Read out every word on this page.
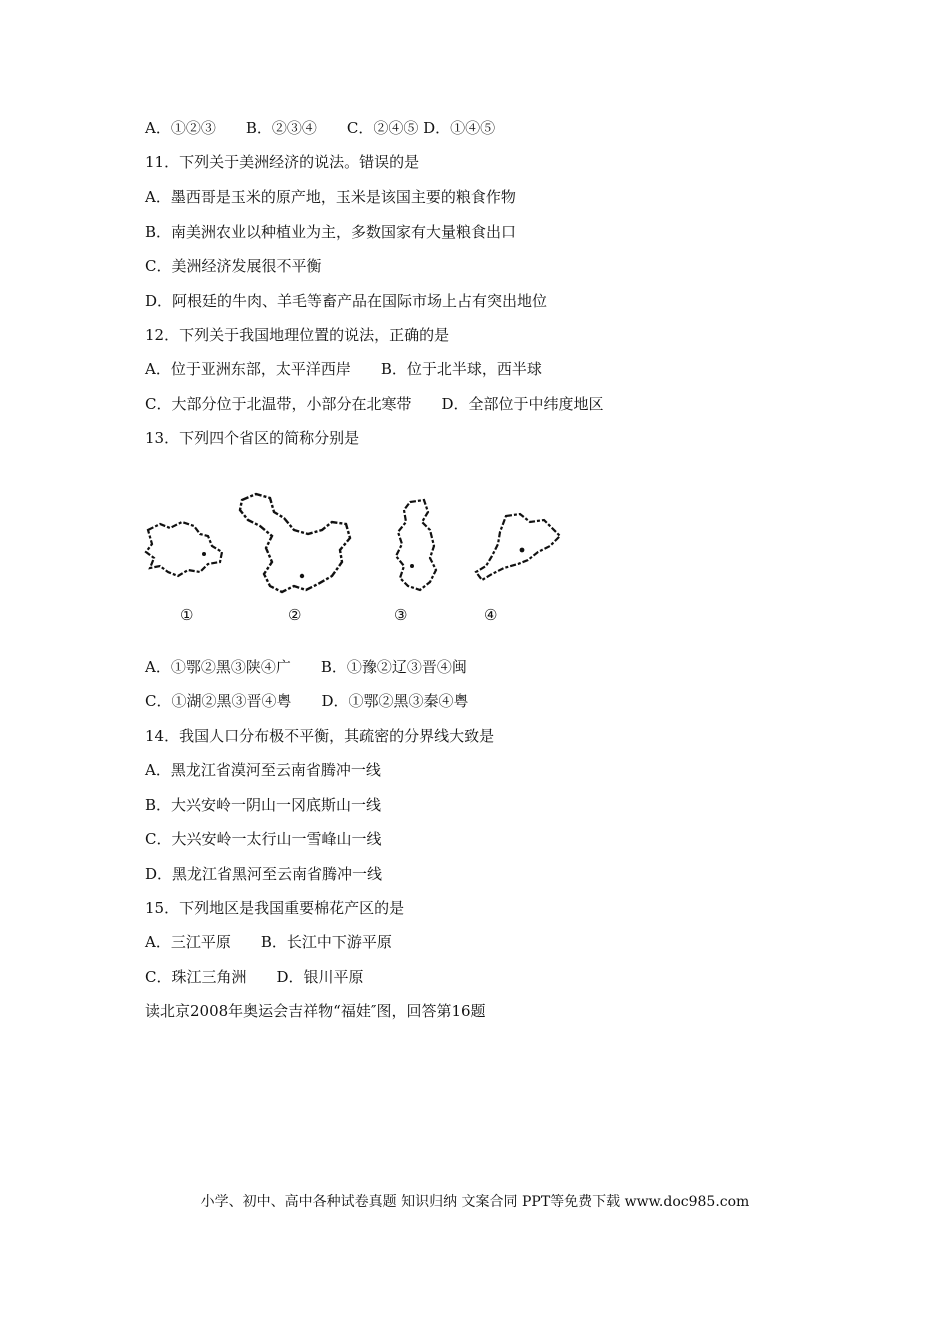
A．①②③　　B．②③④　　C．②④⑤ D．①④⑤
11．下列关于美洲经济的说法。错误的是
A．墨西哥是玉米的原产地，玉米是该国主要的粮食作物
B．南美洲农业以种植业为主，多数国家有大量粮食出口
C．美洲经济发展很不平衡
D．阿根廷的牛肉、羊毛等畜产品在国际市场上占有突出地位
12．下列关于我国地理位置的说法，正确的是
A．位于亚洲东部，太平洋西岸　　B．位于北半球，西半球
C．大部分位于北温带，小部分在北寒带　　D．全部位于中纬度地区
13．下列四个省区的简称分别是
①	②	③	④
A．①鄂②黑③陕④广　　B．①豫②辽③晋④闽
C．①湖②黑③晋④粤　　D．①鄂②黑③秦④粤
14．我国人口分布极不平衡，其疏密的分界线大致是
A．黑龙江省漠河至云南省腾冲一线
B．大兴安岭一阴山一冈底斯山一线
C．大兴安岭一太行山一雪峰山一线
D．黑龙江省黑河至云南省腾冲一线
15．下列地区是我国重要棉花产区的是
A．三江平原　　B．长江中下游平原
C．珠江三角洲　　D．银川平原
读北京2008年奥运会吉祥物“福娃″图，回答第16题
小学、初中、高中各种试卷真题 知识归纳 文案合同 PPT等免费下载 www.doc985.com
